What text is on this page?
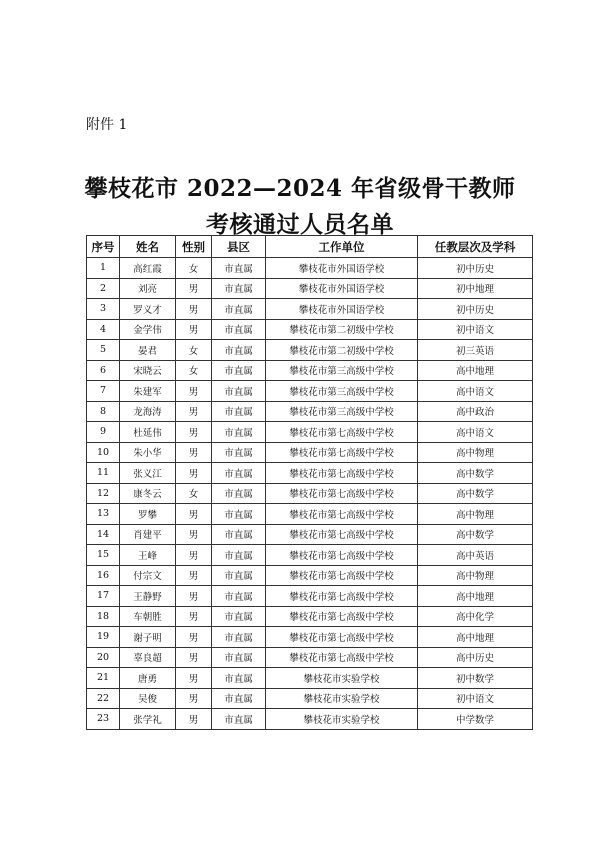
附件 1
攀枝花市 2022—2024 年省级骨干教师
考核通过人员名单
序号	姓名	性别	县区	工作单位	任教层次及学科
1	高红霞	女	市直属	攀枝花市外国语学校	初中历史
2	刘亮	男	市直属	攀枝花市外国语学校	初中地理
3	罗义才	男	市直属	攀枝花市外国语学校	初中历史
4	金学伟	男	市直属	攀枝花市第二初级中学校	初中语文
5	晏君	女	市直属	攀枝花市第二初级中学校	初三英语
6	宋晓云	女	市直属	攀枝花市第三高级中学校	高中地理
7	朱建军	男	市直属	攀枝花市第三高级中学校	高中语文
8	龙海涛	男	市直属	攀枝花市第三高级中学校	高中政治
9	杜延伟	男	市直属	攀枝花市第七高级中学校	高中语文
10	朱小华	男	市直属	攀枝花市第七高级中学校	高中物理
11	张义江	男	市直属	攀枝花市第七高级中学校	高中数学
12	康冬云	女	市直属	攀枝花市第七高级中学校	高中数学
13	罗攀	男	市直属	攀枝花市第七高级中学校	高中物理
14	肖建平	男	市直属	攀枝花市第七高级中学校	高中数学
15	王峰	男	市直属	攀枝花市第七高级中学校	高中英语
16	付宗文	男	市直属	攀枝花市第七高级中学校	高中物理
17	王静野	男	市直属	攀枝花市第七高级中学校	高中地理
18	车朝胜	男	市直属	攀枝花市第七高级中学校	高中化学
19	谢子明	男	市直属	攀枝花市第七高级中学校	高中地理
20	辜良超	男	市直属	攀枝花市第七高级中学校	高中历史
21	唐勇	男	市直属	攀枝花市实验学校	初中数学
22	吴俊	男	市直属	攀枝花市实验学校	初中语文
23	张学礼	男	市直属	攀枝花市实验学校	中学数学
